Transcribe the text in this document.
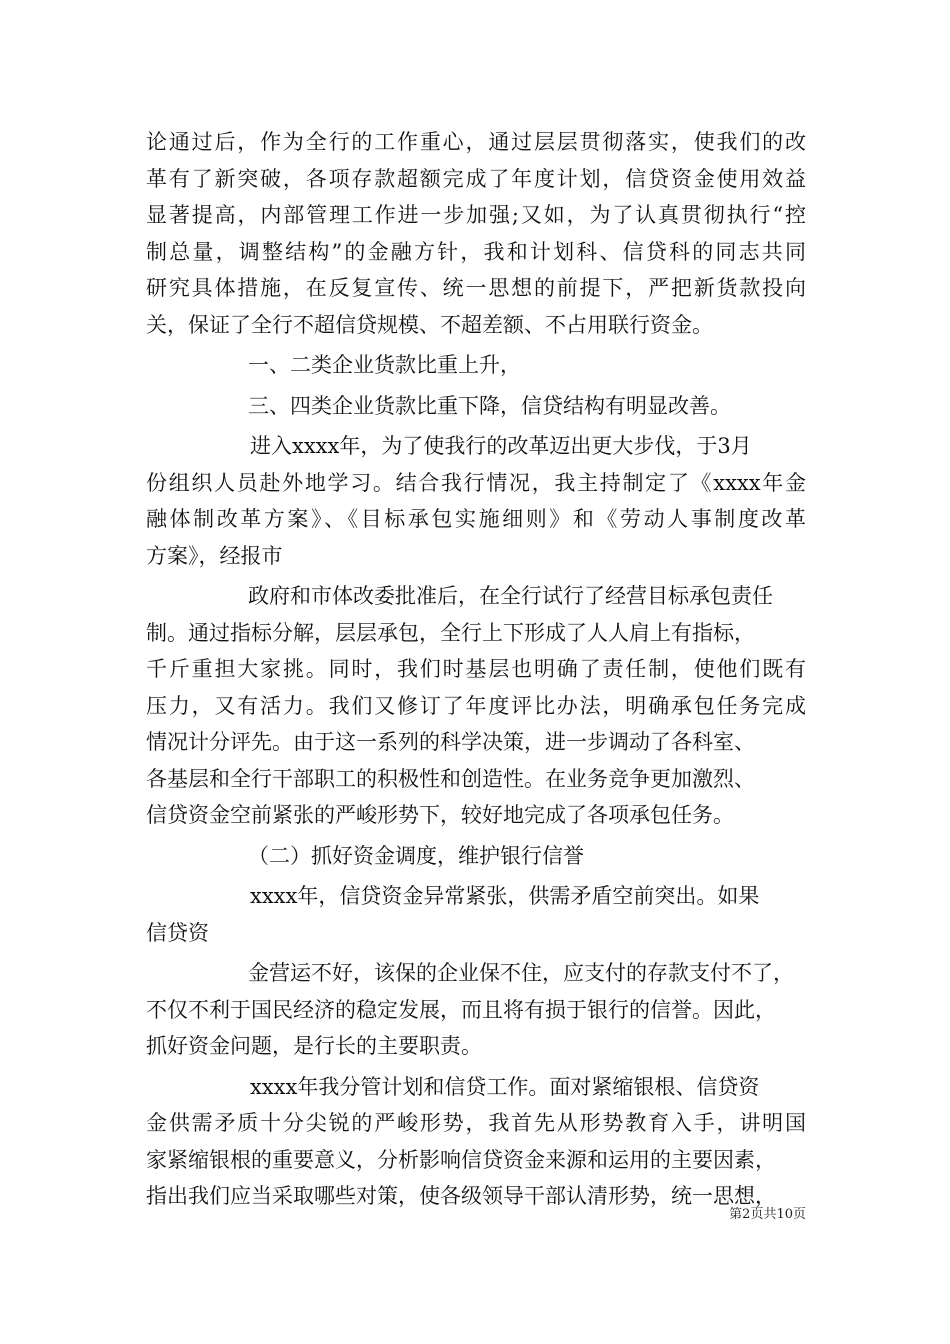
论通过后，作为全行的工作重心，通过层层贯彻落实，使我们的改
革有了新突破，各项存款超额完成了年度计划，信贷资金使用效益
显著提高，内部管理工作进一步加强;又如，为了认真贯彻执行“控
制总量，调整结构”的金融方针，我和计划科、信贷科的同志共同
研究具体措施，在反复宣传、统一思想的前提下，严把新货款投向
关，保证了全行不超信贷规模、不超差额、不占用联行资金。
一、二类企业货款比重上升，
三、四类企业货款比重下降，信贷结构有明显改善。
进入xxxx年，为了使我行的改革迈出更大步伐，于3月
份组织人员赴外地学习。结合我行情况，我主持制定了《xxxx年金
融体制改革方案》、《目标承包实施细则》和《劳动人事制度改革
方案》，经报市
政府和市体改委批准后，在全行试行了经营目标承包责任
制。通过指标分解，层层承包，全行上下形成了人人肩上有指标，
千斤重担大家挑。同时，我们时基层也明确了责任制，使他们既有
压力，又有活力。我们又修订了年度评比办法，明确承包任务完成
情况计分评先。由于这一系列的科学决策，进一步调动了各科室、
各基层和全行干部职工的积极性和创造性。在业务竞争更加激烈、
信贷资金空前紧张的严峻形势下，较好地完成了各项承包任务。
（二）抓好资金调度，维护银行信誉
xxxx年，信贷资金异常紧张，供需矛盾空前突出。如果
信贷资
金营运不好，该保的企业保不住，应支付的存款支付不了，
不仅不利于国民经济的稳定发展，而且将有损于银行的信誉。因此，
抓好资金问题，是行长的主要职责。
xxxx年我分管计划和信贷工作。面对紧缩银根、信贷资
金供需矛质十分尖锐的严峻形势，我首先从形势教育入手，讲明国
家紧缩银根的重要意义，分析影响信贷资金来源和运用的主要因素，
指出我们应当采取哪些对策，使各级领导干部认清形势，统一思想，
第2页共10页
